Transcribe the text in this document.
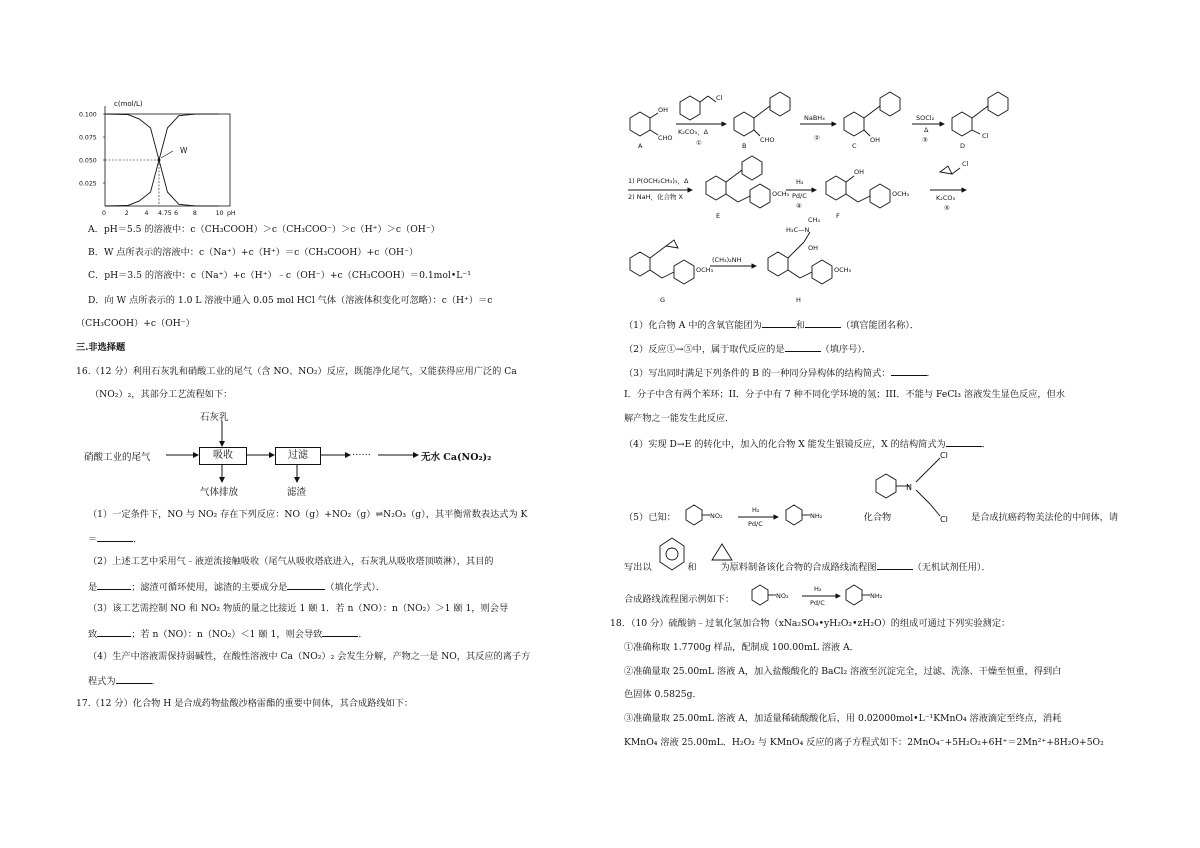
0.100
0.075
0.050
0.025
0	2	4 4.75 6 8	10 pH
c(mol/L)
W
A．pH＝5.5 的溶液中：c（CH₃COOH）＞c（CH₃COO⁻）＞c（H⁺）＞c（OH⁻）
B．W 点所表示的溶液中：c（Na⁺）+c（H⁺）＝c（CH₃COOH）+c（OH⁻）
C．pH＝3.5 的溶液中：c（Na⁺）+c（H⁺）﹣c（OH⁻）+c（CH₃COOH）＝0.1mol•L⁻¹
D．向 W 点所表示的 1.0 L 溶液中通入 0.05 mol HCl 气体（溶液体积变化可忽略）：c（H⁺）＝c
（CH₃COOH）+c（OH⁻）
三.非选择题
16.（12 分）利用石灰乳和硝酸工业的尾气（含 NO、NO₂）反应，既能净化尾气，又能获得应用广泛的 Ca
（NO₂）₂，其部分工艺流程如下：
石灰乳
硝酸工业的尾气	吸收	过滤	……	无水 Ca(NO₂)₂
气体排放	滤渣
（1）一定条件下，NO 与 NO₂ 存在下列反应：NO（g）+NO₂（g）⇌N₂O₃（g），其平衡常数表达式为 K
＝	．
（2）上述工艺中采用气﹣液逆流接触吸收（尾气从吸收塔底进入，石灰乳从吸收塔顶喷淋），其目的
是	；滤渣可循环使用，滤渣的主要成分是	（填化学式）．
（3）该工艺需控制 NO 和 NO₂ 物质的量之比接近 1 颐 1．若 n（NO）：n（NO₂）＞1 颐 1，则会导
致	；若 n（NO）：n（NO₂）＜1 颐 1，则会导致	．
（4）生产中溶液需保持弱碱性，在酸性溶液中 Ca（NO₂）₂ 会发生分解，产物之一是 NO，其反应的离子方
程式为	．
17.（12 分）化合物 H 是合成药物盐酸沙格雷酯的重要中间体，其合成路线如下：
A
OH
CHO
Cl
K₂CO₃，Δ
①	B
CHO
NaBH₄
②
C
OH
SOCl₂
Δ
③
D
Cl
1) P(OCH₂CH₃)₃，Δ
2) NaH，化合物 X
E
OCH₃
H₂
Pd/C
④
F
OH
OCH₃
Cl
K₂CO₃
⑤
G
OCH₃
(CH₃)₂NH
CH₃
H₃C—N
OH
OCH₃
H
（1）化合物 A 中的含氧官能团为	和	（填官能团名称）．
（2）反应①→⑤中，属于取代反应的是	（填序号）．
（3）写出同时满足下列条件的 B 的一种同分异构体的结构简式：	．
I．分子中含有两个苯环；II．分子中有 7 种不同化学环境的氢；III．不能与 FeCl₃ 溶液发生显色反应，但水
解产物之一能发生此反应．
（4）实现 D→E 的转化中，加入的化合物 X 能发生银镜反应，X 的结构简式为	．
NO₂
H₂
Pd/C
NH₂
N
Cl
Cl
NO₂
H₂
Pd/C
NH₂
（5）已知：	化合物	是合成抗癌药物美法伦的中间体，请
写出以	和	为原料制备该化合物的合成路线流程图	（无机试剂任用）．
合成路线流程图示例如下：
18．（10 分）硫酸钠﹣过氧化氢加合物（xNa₂SO₄•yH₂O₂•zH₂O）的组成可通过下列实验测定：
①准确称取 1.7700g 样品，配制成 100.00mL 溶液 A．
②准确量取 25.00mL 溶液 A，加入盐酸酸化的 BaCl₂ 溶液至沉淀完全，过滤、洗涤、干燥至恒重，得到白
色固体 0.5825g．
③准确量取 25.00mL 溶液 A，加适量稀硫酸酸化后，用 0.02000mol•L⁻¹KMnO₄ 溶液滴定至终点，消耗
KMnO₄ 溶液 25.00mL．H₂O₂ 与 KMnO₄ 反应的离子方程式如下：2MnO₄⁻+5H₂O₂+6H⁺＝2Mn²⁺+8H₂O+5O₂
